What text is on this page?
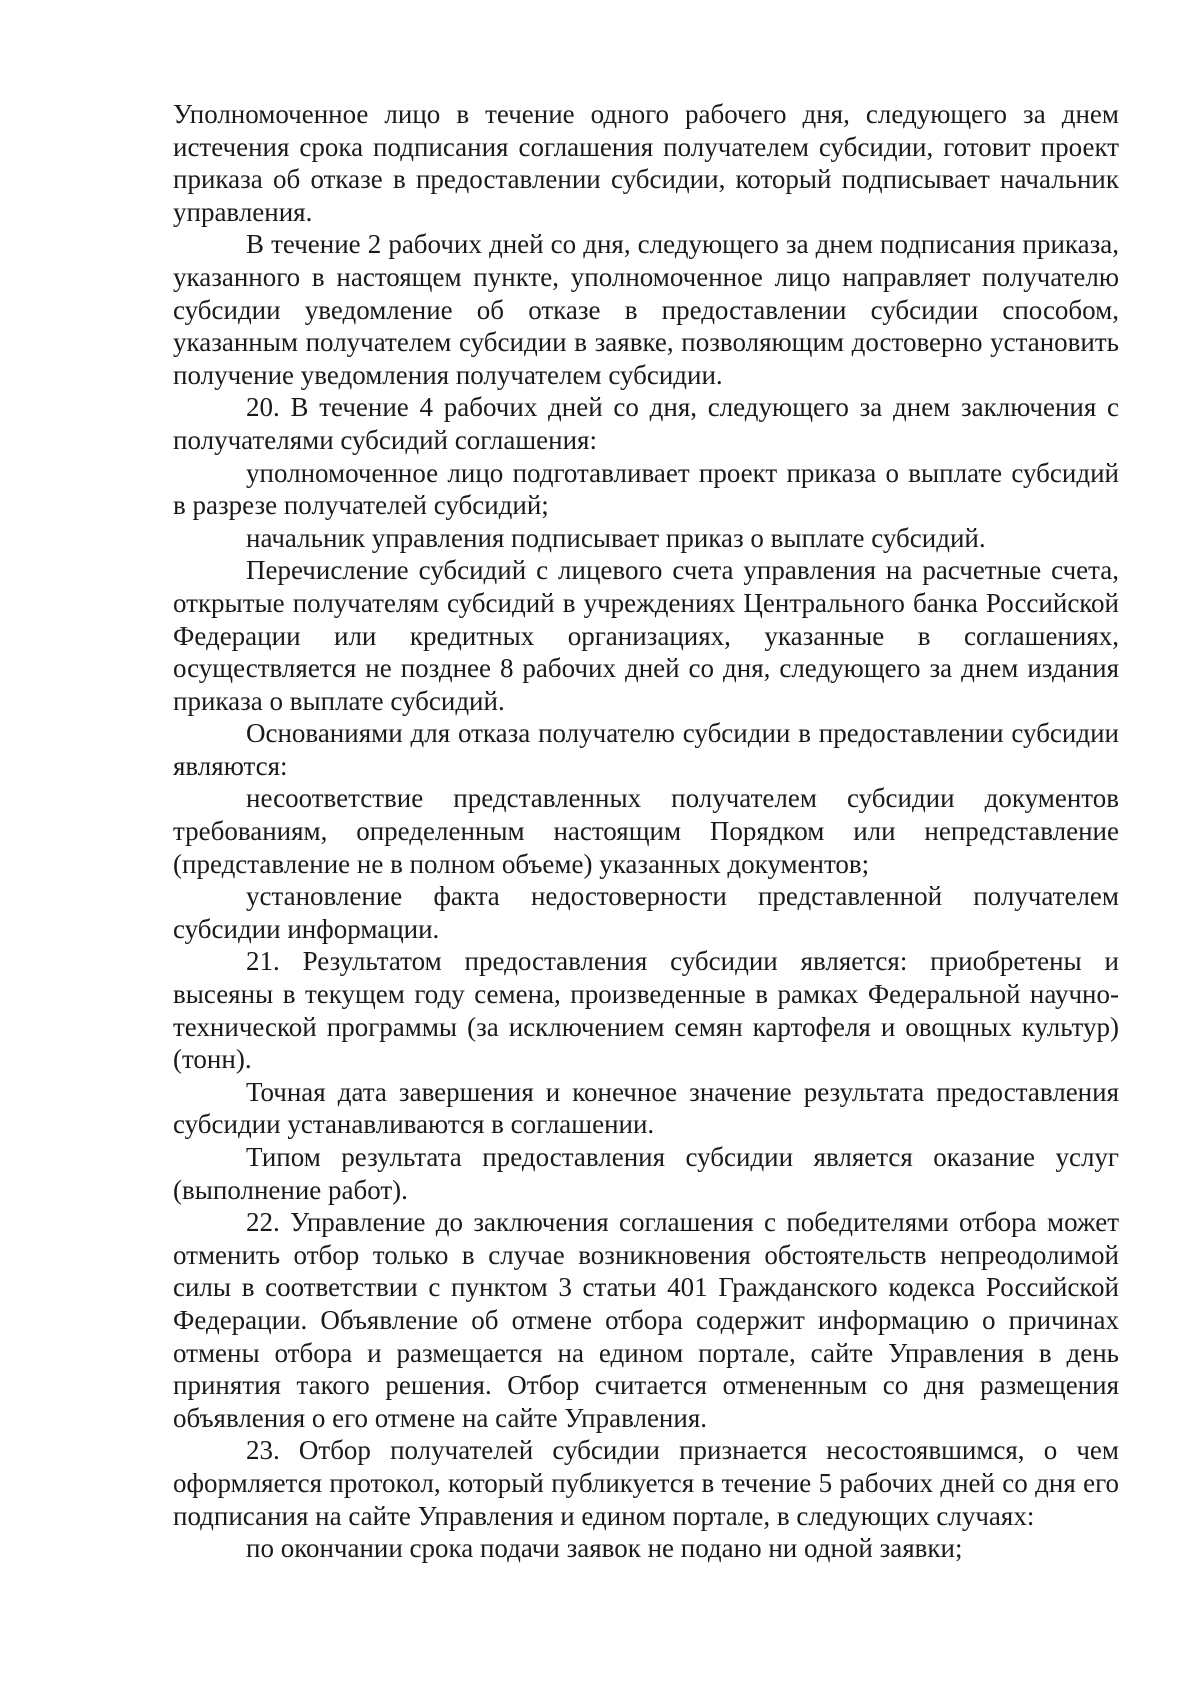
Уполномоченное лицо в течение одного рабочего дня, следующего за днем истечения срока подписания соглашения получателем субсидии, готовит проект приказа об отказе в предоставлении субсидии, который подписывает начальник управления.

В течение 2 рабочих дней со дня, следующего за днем подписания приказа, указанного в настоящем пункте, уполномоченное лицо направляет получателю субсидии уведомление об отказе в предоставлении субсидии способом, указанным получателем субсидии в заявке, позволяющим достоверно установить получение уведомления получателем субсидии.

20. В течение 4 рабочих дней со дня, следующего за днем заключения с получателями субсидий соглашения:

уполномоченное лицо подготавливает проект приказа о выплате субсидий в разрезе получателей субсидий;

начальник управления подписывает приказ о выплате субсидий.

Перечисление субсидий с лицевого счета управления на расчетные счета, открытые получателям субсидий в учреждениях Центрального банка Российской Федерации или кредитных организациях, указанные в соглашениях, осуществляется не позднее 8 рабочих дней со дня, следующего за днем издания приказа о выплате субсидий.

Основаниями для отказа получателю субсидии в предоставлении субсидии являются:

несоответствие представленных получателем субсидии документов требованиям, определенным настоящим Порядком или непредставление (представление не в полном объеме) указанных документов;

установление факта недостоверности представленной получателем субсидии информации.

21. Результатом предоставления субсидии является: приобретены и высеяны в текущем году семена, произведенные в рамках Федеральной научно-технической программы (за исключением семян картофеля и овощных культур) (тонн).

Точная дата завершения и конечное значение результата предоставления субсидии устанавливаются в соглашении.

Типом результата предоставления субсидии является оказание услуг (выполнение работ).

22. Управление до заключения соглашения с победителями отбора может отменить отбор только в случае возникновения обстоятельств непреодолимой силы в соответствии с пунктом 3 статьи 401 Гражданского кодекса Российской Федерации. Объявление об отмене отбора содержит информацию о причинах отмены отбора и размещается на едином портале, сайте Управления в день принятия такого решения. Отбор считается отмененным со дня размещения объявления о его отмене на сайте Управления.

23. Отбор получателей субсидии признается несостоявшимся, о чем оформляется протокол, который публикуется в течение 5 рабочих дней со дня его подписания на сайте Управления и едином портале, в следующих случаях:

по окончании срока подачи заявок не подано ни одной заявки;
